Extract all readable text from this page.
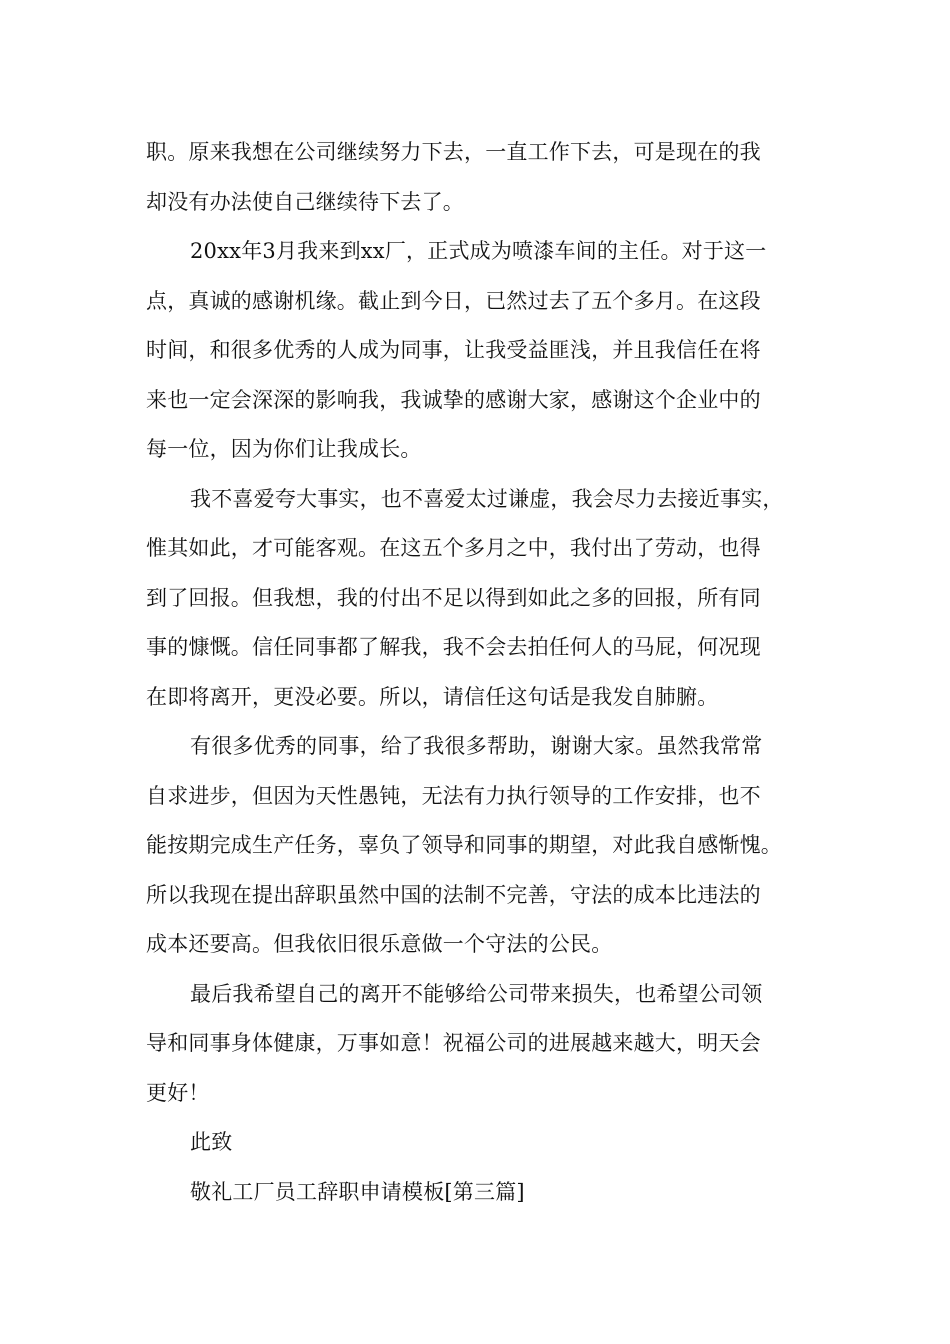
职。原来我想在公司继续努力下去，一直工作下去，可是现在的我
却没有办法使自己继续待下去了。
20xx年3月我来到xx厂，正式成为喷漆车间的主任。对于这一
点，真诚的感谢机缘。截止到今日，已然过去了五个多月。在这段
时间，和很多优秀的人成为同事，让我受益匪浅，并且我信任在将
来也一定会深深的影响我，我诚挚的感谢大家，感谢这个企业中的
每一位，因为你们让我成长。
我不喜爱夸大事实，也不喜爱太过谦虚，我会尽力去接近事实，
惟其如此，才可能客观。在这五个多月之中，我付出了劳动，也得
到了回报。但我想，我的付出不足以得到如此之多的回报，所有同
事的慷慨。信任同事都了解我，我不会去拍任何人的马屁，何况现
在即将离开，更没必要。所以，请信任这句话是我发自肺腑。
有很多优秀的同事，给了我很多帮助，谢谢大家。虽然我常常
自求进步，但因为天性愚钝，无法有力执行领导的工作安排，也不
能按期完成生产任务，辜负了领导和同事的期望，对此我自感惭愧。
所以我现在提出辞职虽然中国的法制不完善，守法的成本比违法的
成本还要高。但我依旧很乐意做一个守法的公民。
最后我希望自己的离开不能够给公司带来损失，也希望公司领
导和同事身体健康，万事如意！祝福公司的进展越来越大，明天会
更好！
此致
敬礼工厂员工辞职申请模板[第三篇]
